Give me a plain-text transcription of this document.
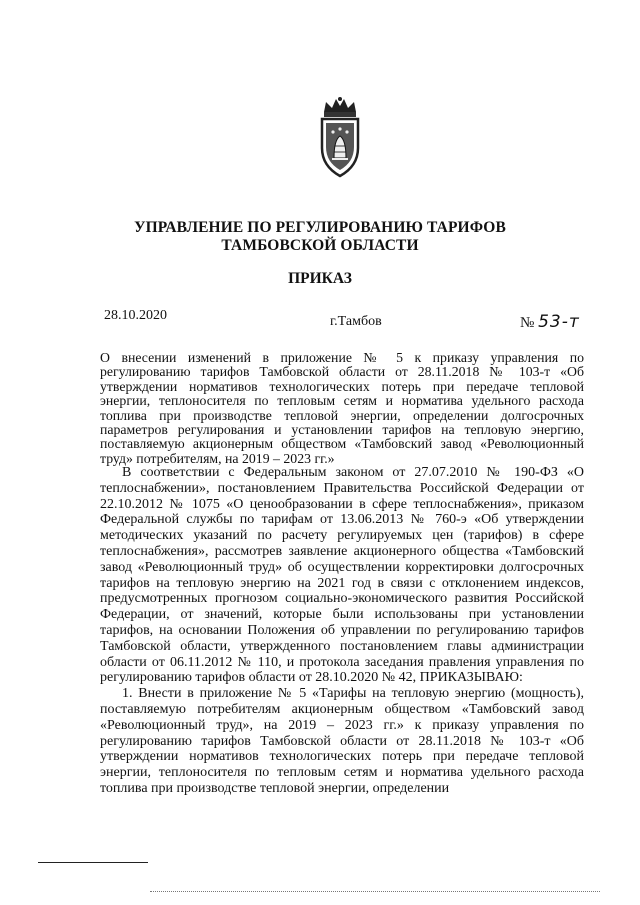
УПРАВЛЕНИЕ ПО РЕГУЛИРОВАНИЮ ТАРИФОВ
ТАМБОВСКОЙ ОБЛАСТИ
ПРИКАЗ
28.10.2020	г.Тамбов	№ 53-т
О внесении изменений в приложение № 5 к приказу управления по регулированию тарифов Тамбовской области от 28.11.2018 № 103-т «Об утверждении нормативов технологических потерь при передаче тепловой энергии, теплоносителя по тепловым сетям и норматива удельного расхода топлива при производстве тепловой энергии, определении долгосрочных параметров регулирования и установлении тарифов на тепловую энергию, поставляемую акционерным обществом «Тамбовский завод «Революционный труд» потребителям, на 2019 – 2023 гг.»

В соответствии с Федеральным законом от 27.07.2010 № 190-ФЗ «О теплоснабжении», постановлением Правительства Российской Федерации от 22.10.2012 № 1075 «О ценообразовании в сфере теплоснабжения», приказом Федеральной службы по тарифам от 13.06.2013 № 760-э «Об утверждении методических указаний по расчету регулируемых цен (тарифов) в сфере теплоснабжения», рассмотрев заявление акционерного общества «Тамбовский завод «Революционный труд» об осуществлении корректировки долгосрочных тарифов на тепловую энергию на 2021 год в связи с отклонением индексов, предусмотренных прогнозом социально-экономического развития Российской Федерации, от значений, которые были использованы при установлении тарифов, на основании Положения об управлении по регулированию тарифов Тамбовской области, утвержденного постановлением главы администрации области от 06.11.2012 № 110, и протокола заседания правления управления по регулированию тарифов области от 28.10.2020 № 42, ПРИКАЗЫВАЮ:

1. Внести в приложение № 5 «Тарифы на тепловую энергию (мощность), поставляемую потребителям акционерным обществом «Тамбовский завод «Революционный труд», на 2019 – 2023 гг.» к приказу управления по регулированию тарифов Тамбовской области от 28.11.2018 № 103-т «Об утверждении нормативов технологических потерь при передаче тепловой энергии, теплоносителя по тепловым сетям и норматива удельного расхода топлива при производстве тепловой энергии, определении
